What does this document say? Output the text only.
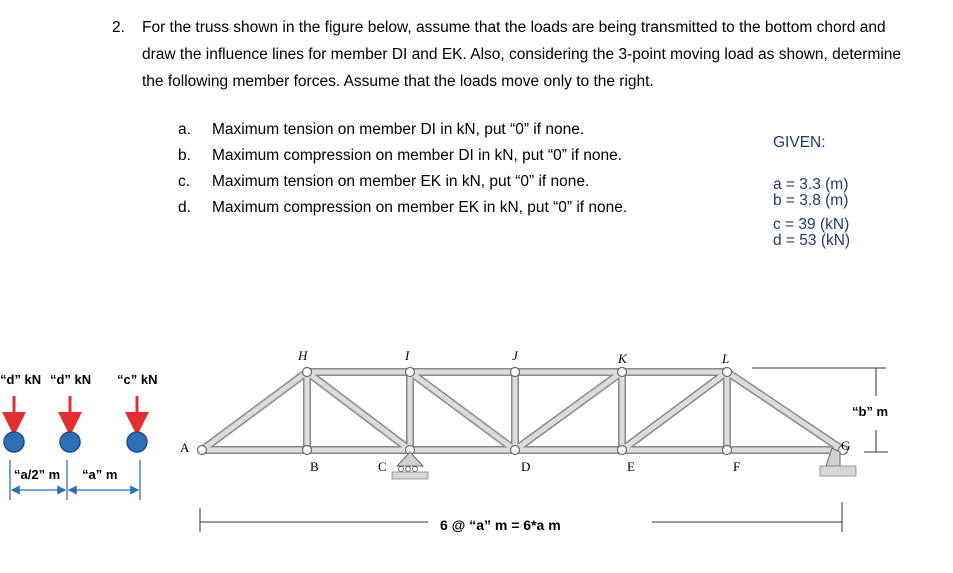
2. For the truss shown in the figure below, assume that the loads are being transmitted to the bottom chord and draw the influence lines for member DI and EK. Also, considering the 3-point moving load as shown, determine the following member forces. Assume that the loads move only to the right.
a. Maximum tension on member DI in kN, put “0” if none.
b. Maximum compression on member DI in kN, put “0” if none.
c. Maximum tension on member EK in kN, put “0” if none.
d. Maximum compression on member EK in kN, put “0” if none.
GIVEN:
a = 3.3 (m)
b = 3.8 (m)
c = 39 (kN)
d = 53 (kN)
“d” kN “d” kN “c” kN
“a/2” m “a” m
H	I	J	K	L
A
B	C	D	E	F
G
“b” m
6 @ “a” m = 6*a m
